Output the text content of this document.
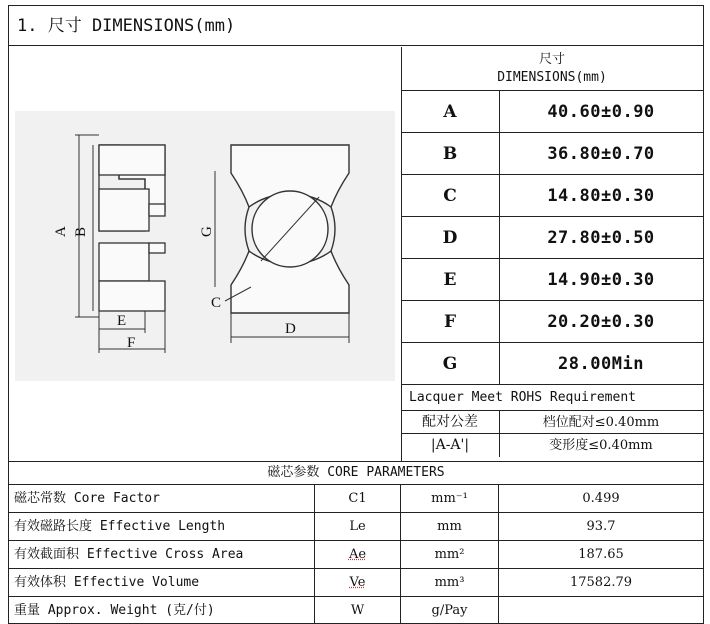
1. 尺寸 DIMENSIONS(mm)
A B
E
F
G
C
D
尺寸
DIMENSIONS(mm)
A	40.60±0.90
B	36.80±0.70
C	14.80±0.30
D	27.80±0.50
E	14.90±0.30
F	20.20±0.30
G	28.00Min
Lacquer Meet ROHS Requirement
配对公差	档位配对≤0.40mm
|A-A'|	变形度≤0.40mm
磁芯参数 CORE PARAMETERS
磁芯常数 Core Factor	C1	mm⁻¹	0.499
有效磁路长度 Effective Length	Le	mm	93.7
有效截面积 Effective Cross Area	Ae	mm²	187.65
有效体积 Effective Volume	Ve	mm³	17582.79
重量 Approx. Weight (克/付)	W	g/Pay
